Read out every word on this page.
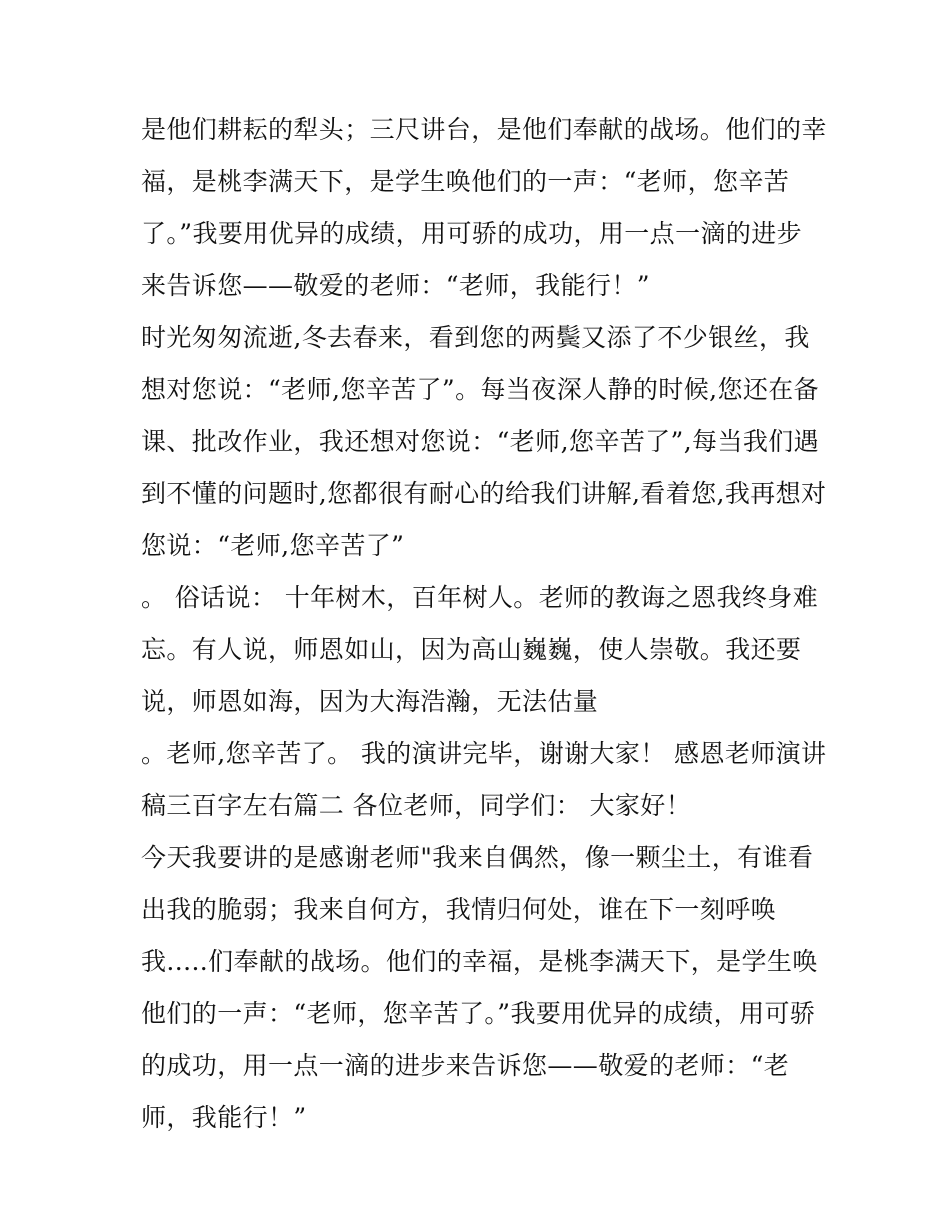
是他们耕耘的犁头；三尺讲台，是他们奉献的战场。他们的幸
福，是桃李满天下，是学生唤他们的一声：“老师，您辛苦
了。”我要用优异的成绩，用可骄的成功，用一点一滴的进步
来告诉您——敬爱的老师：“老师，我能行！”
时光匆匆流逝,冬去春来，看到您的两鬓又添了不少银丝，我
想对您说：“老师,您辛苦了”。每当夜深人静的时候,您还在备
课、批改作业，我还想对您说：“老师,您辛苦了”,每当我们遇
到不懂的问题时,您都很有耐心的给我们讲解,看着您,我再想对
您说：“老师,您辛苦了”
。 俗话说： 十年树木，百年树人。老师的教诲之恩我终身难
忘。有人说，师恩如山，因为高山巍巍，使人崇敬。我还要
说，师恩如海，因为大海浩瀚，无法估量
。老师,您辛苦了。 我的演讲完毕，谢谢大家！ 感恩老师演讲
稿三百字左右篇二 各位老师，同学们： 大家好！
今天我要讲的是感谢老师"我来自偶然，像一颗尘土，有谁看
出我的脆弱；我来自何方，我情归何处，谁在下一刻呼唤
我.....们奉献的战场。他们的幸福，是桃李满天下，是学生唤
他们的一声：“老师，您辛苦了。”我要用优异的成绩，用可骄
的成功，用一点一滴的进步来告诉您——敬爱的老师：“老
师，我能行！”
